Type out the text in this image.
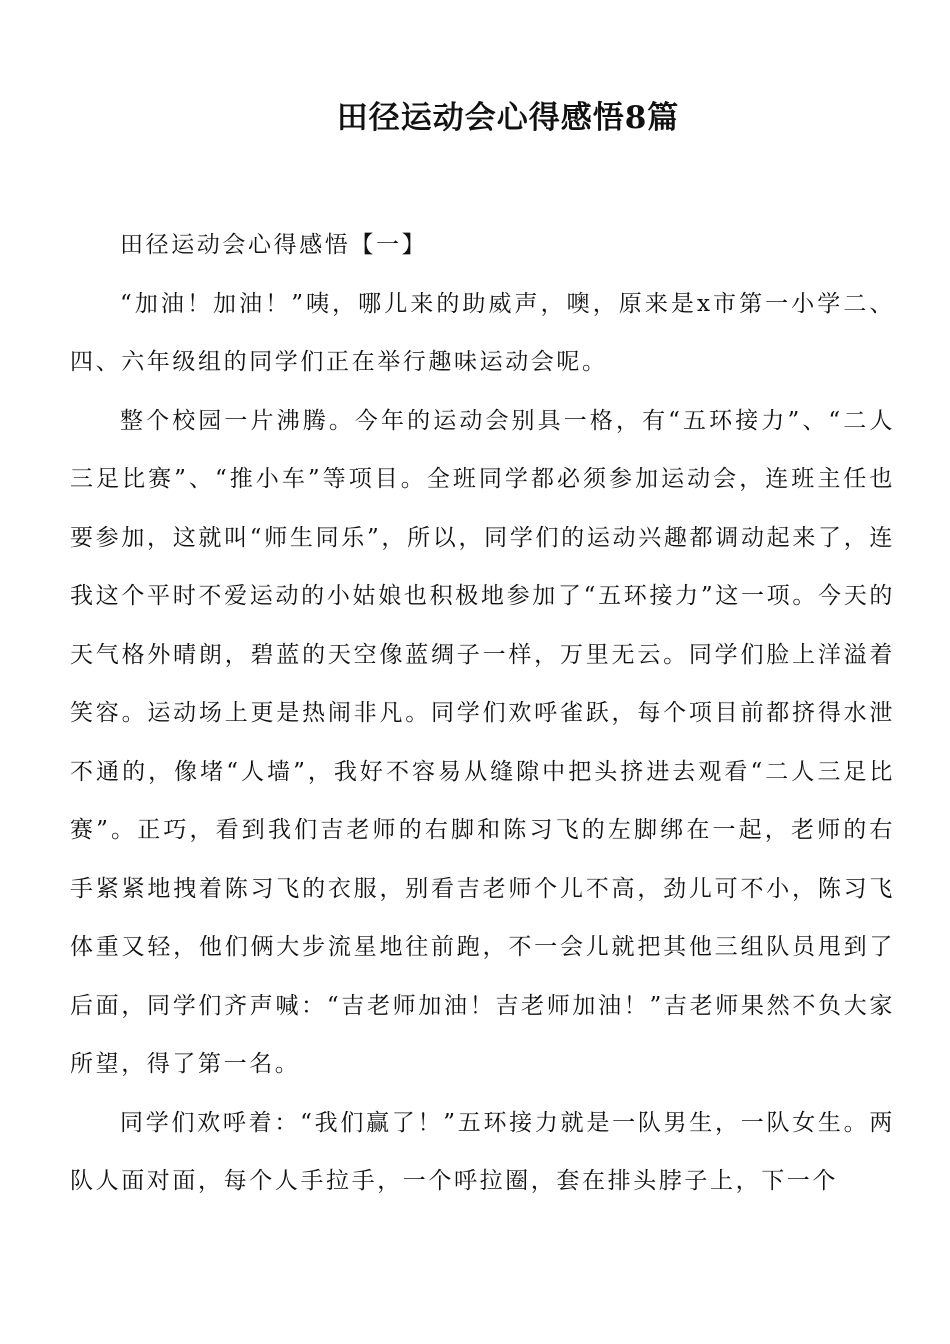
田径运动会心得感悟8篇

田径运动会心得感悟【一】

“加油！加油！”咦，哪儿来的助威声，噢，原来是x市第一小学二、四、六年级组的同学们正在举行趣味运动会呢。

整个校园一片沸腾。今年的运动会别具一格，有“五环接力”、“二人三足比赛”、“推小车”等项目。全班同学都必须参加运动会，连班主任也要参加，这就叫“师生同乐”，所以，同学们的运动兴趣都调动起来了，连我这个平时不爱运动的小姑娘也积极地参加了“五环接力”这一项。今天的天气格外晴朗，碧蓝的天空像蓝绸子一样，万里无云。同学们脸上洋溢着笑容。运动场上更是热闹非凡。同学们欢呼雀跃，每个项目前都挤得水泄不通的，像堵“人墙”，我好不容易从缝隙中把头挤进去观看“二人三足比赛”。正巧，看到我们吉老师的右脚和陈习飞的左脚绑在一起，老师的右手紧紧地拽着陈习飞的衣服，别看吉老师个儿不高，劲儿可不小，陈习飞体重又轻，他们俩大步流星地往前跑，不一会儿就把其他三组队员甩到了后面，同学们齐声喊：“吉老师加油！吉老师加油！”吉老师果然不负大家所望，得了第一名。

同学们欢呼着：“我们赢了！”五环接力就是一队男生，一队女生。两队人面对面，每个人手拉手，一个呼拉圈，套在排头脖子上，下一个
